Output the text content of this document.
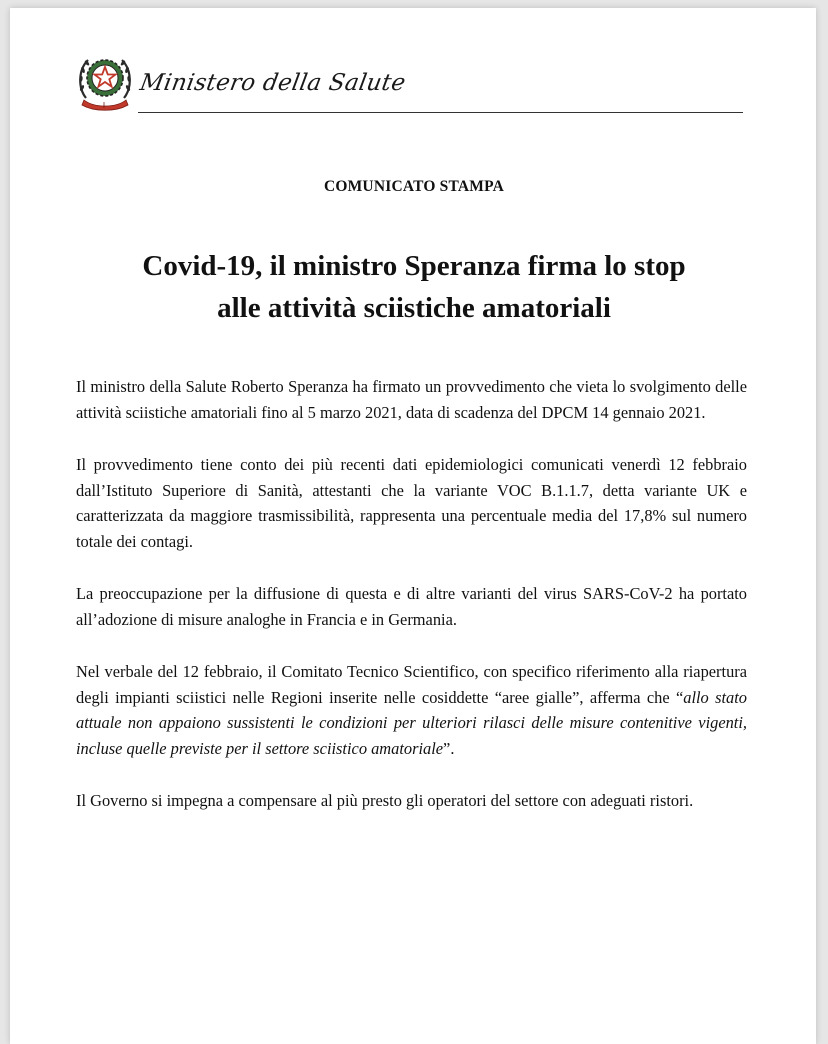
Ministero della Salute
COMUNICATO STAMPA
Covid-19, il ministro Speranza firma lo stop
alle attività sciistiche amatoriali

Il ministro della Salute Roberto Speranza ha firmato un provvedimento che vieta lo svolgimento delle attività sciistiche amatoriali fino al 5 marzo 2021, data di scadenza del DPCM 14 gennaio 2021.

Il provvedimento tiene conto dei più recenti dati epidemiologici comunicati venerdì 12 febbraio dall’Istituto Superiore di Sanità, attestanti che la variante VOC B.1.1.7, detta variante UK e caratterizzata da maggiore trasmissibilità, rappresenta una percentuale media del 17,8% sul numero totale dei contagi.

La preoccupazione per la diffusione di questa e di altre varianti del virus SARS-CoV-2 ha portato all’adozione di misure analoghe in Francia e in Germania.

Nel verbale del 12 febbraio, il Comitato Tecnico Scientifico, con specifico riferimento alla riapertura degli impianti sciistici nelle Regioni inserite nelle cosiddette “aree gialle”, afferma che “allo stato attuale non appaiono sussistenti le condizioni per ulteriori rilasci delle misure contenitive vigenti, incluse quelle previste per il settore sciistico amatoriale”.

Il Governo si impegna a compensare al più presto gli operatori del settore con adeguati ristori.
